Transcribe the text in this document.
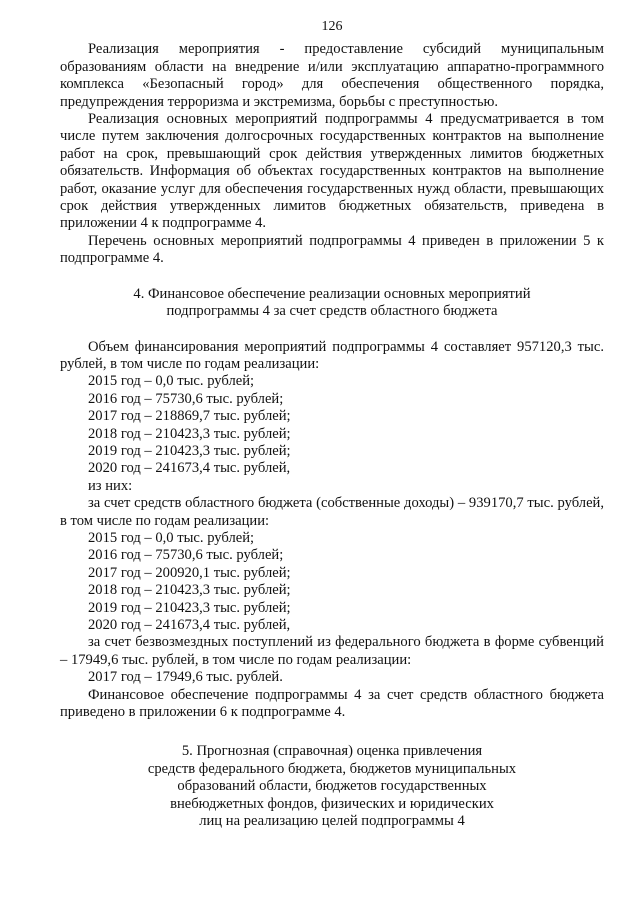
126

Реализация мероприятия - предоставление субсидий муниципальным образованиям области на внедрение и/или эксплуатацию аппаратно-программного комплекса «Безопасный город» для обеспечения общественного порядка, предупреждения терроризма и экстремизма, борьбы с преступностью.

Реализация основных мероприятий подпрограммы 4 предусматривается в том числе путем заключения долгосрочных государственных контрактов на выполнение работ на срок, превышающий срок действия утвержденных лимитов бюджетных обязательств. Информация об объектах государственных контрактов на выполнение работ, оказание услуг для обеспечения государственных нужд области, превышающих срок действия утвержденных лимитов бюджетных обязательств, приведена в приложении 4 к подпрограмме 4.

Перечень основных мероприятий подпрограммы 4 приведен в приложении 5 к подпрограмме 4.

4. Финансовое обеспечение реализации основных мероприятий
подпрограммы 4 за счет средств областного бюджета

Объем финансирования мероприятий подпрограммы 4 составляет 957120,3 тыс. рублей, в том числе по годам реализации:

2015 год – 0,0 тыс. рублей;
2016 год – 75730,6 тыс. рублей;
2017 год – 218869,7 тыс. рублей;
2018 год – 210423,3 тыс. рублей;
2019 год – 210423,3 тыс. рублей;
2020 год – 241673,4 тыс. рублей,
из них:

за счет средств областного бюджета (собственные доходы) – 939170,7 тыс. рублей, в том числе по годам реализации:

2015 год – 0,0 тыс. рублей;
2016 год – 75730,6 тыс. рублей;
2017 год – 200920,1 тыс. рублей;
2018 год – 210423,3 тыс. рублей;
2019 год – 210423,3 тыс. рублей;
2020 год – 241673,4 тыс. рублей,

за счет безвозмездных поступлений из федерального бюджета в форме субвенций – 17949,6 тыс. рублей, в том числе по годам реализации:

2017 год – 17949,6 тыс. рублей.

Финансовое обеспечение подпрограммы 4 за счет средств областного бюджета приведено в приложении 6 к подпрограмме 4.

5. Прогнозная (справочная) оценка привлечения
средств федерального бюджета, бюджетов муниципальных
образований области, бюджетов государственных
внебюджетных фондов, физических и юридических
лиц на реализацию целей подпрограммы 4
